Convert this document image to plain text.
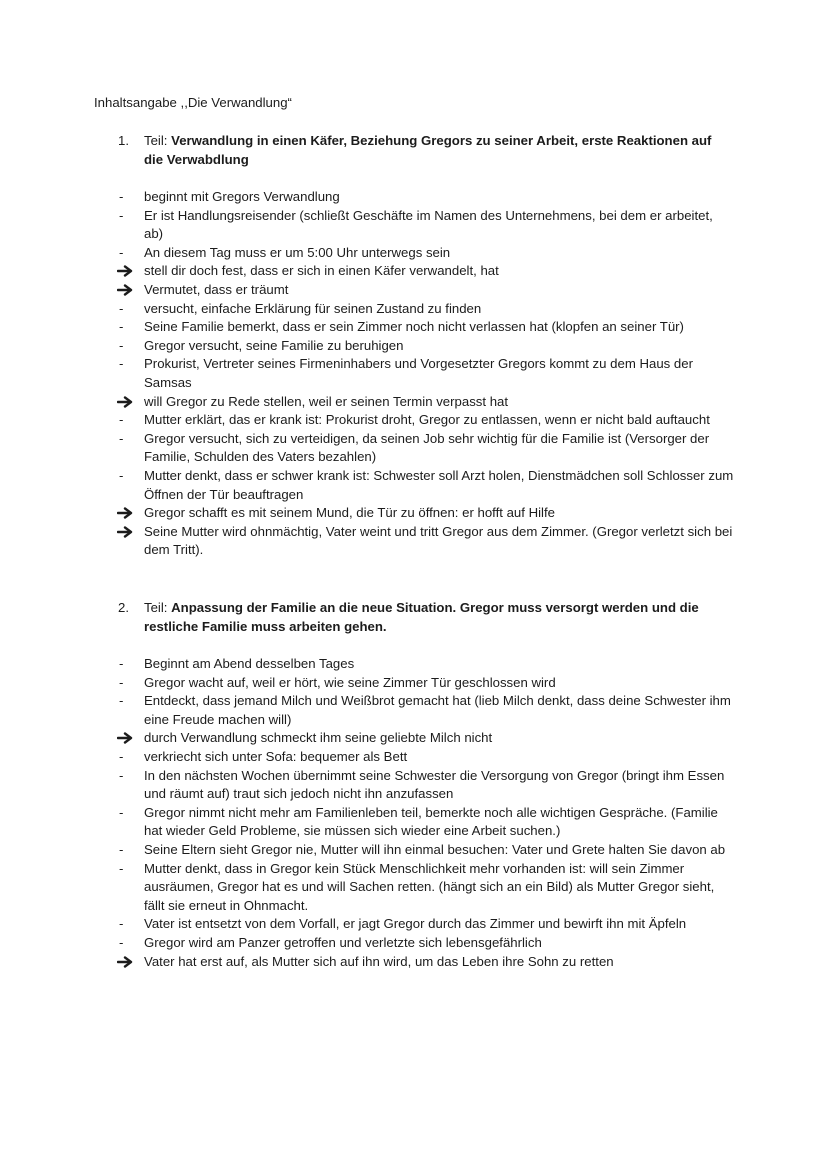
Inhaltsangabe ,,Die Verwandlung“
1.	Teil: Verwandlung in einen Käfer, Beziehung Gregors zu seiner Arbeit, erste Reaktionen auf die Verwabdlung
-	beginnt mit Gregors Verwandlung
-	Er ist Handlungsreisender (schließt Geschäfte im Namen des Unternehmens, bei dem er arbeitet, ab)
-	An diesem Tag muss er um 5:00 Uhr unterwegs sein
stell dir doch fest, dass er sich in einen Käfer verwandelt, hat
Vermutet, dass er träumt
-	versucht, einfache Erklärung für seinen Zustand zu finden
-	Seine Familie bemerkt, dass er sein Zimmer noch nicht verlassen hat (klopfen an seiner Tür)
-	Gregor versucht, seine Familie zu beruhigen
-	Prokurist, Vertreter seines Firmeninhabers und Vorgesetzter Gregors kommt zu dem Haus der Samsas
will Gregor zu Rede stellen, weil er seinen Termin verpasst hat
-	Mutter erklärt, das er krank ist: Prokurist droht, Gregor zu entlassen, wenn er nicht bald auftaucht
-	Gregor versucht, sich zu verteidigen, da seinen Job sehr wichtig für die Familie ist (Versorger der Familie, Schulden des Vaters bezahlen)
-	Mutter denkt, dass er schwer krank ist: Schwester soll Arzt holen, Dienstmädchen soll Schlosser zum Öffnen der Tür beauftragen
Gregor schafft es mit seinem Mund, die Tür zu öffnen: er hofft auf Hilfe
Seine Mutter wird ohnmächtig, Vater weint und tritt Gregor aus dem Zimmer. (Gregor verletzt sich bei dem Tritt).
2.	Teil: Anpassung der Familie an die neue Situation. Gregor muss versorgt werden und die restliche Familie muss arbeiten gehen.
-	Beginnt am Abend desselben Tages
-	Gregor wacht auf, weil er hört, wie seine Zimmer Tür geschlossen wird
-	Entdeckt, dass jemand Milch und Weißbrot gemacht hat (lieb Milch denkt, dass deine Schwester ihm eine Freude machen will)
durch Verwandlung schmeckt ihm seine geliebte Milch nicht
-	verkriecht sich unter Sofa: bequemer als Bett
-	In den nächsten Wochen übernimmt seine Schwester die Versorgung von Gregor (bringt ihm Essen und räumt auf) traut sich jedoch nicht ihn anzufassen
-	Gregor nimmt nicht mehr am Familienleben teil, bemerkte noch alle wichtigen Gespräche. (Familie hat wieder Geld Probleme, sie müssen sich wieder eine Arbeit suchen.)
-	Seine Eltern sieht Gregor nie, Mutter will ihn einmal besuchen: Vater und Grete halten Sie davon ab
-	Mutter denkt, dass in Gregor kein Stück Menschlichkeit mehr vorhanden ist: will sein Zimmer ausräumen, Gregor hat es und will Sachen retten. (hängt sich an ein Bild) als Mutter Gregor sieht, fällt sie erneut in Ohnmacht.
-	Vater ist entsetzt von dem Vorfall, er jagt Gregor durch das Zimmer und bewirft ihn mit Äpfeln
-	Gregor wird am Panzer getroffen und verletzte sich lebensgefährlich
Vater hat erst auf, als Mutter sich auf ihn wird, um das Leben ihre Sohn zu retten
